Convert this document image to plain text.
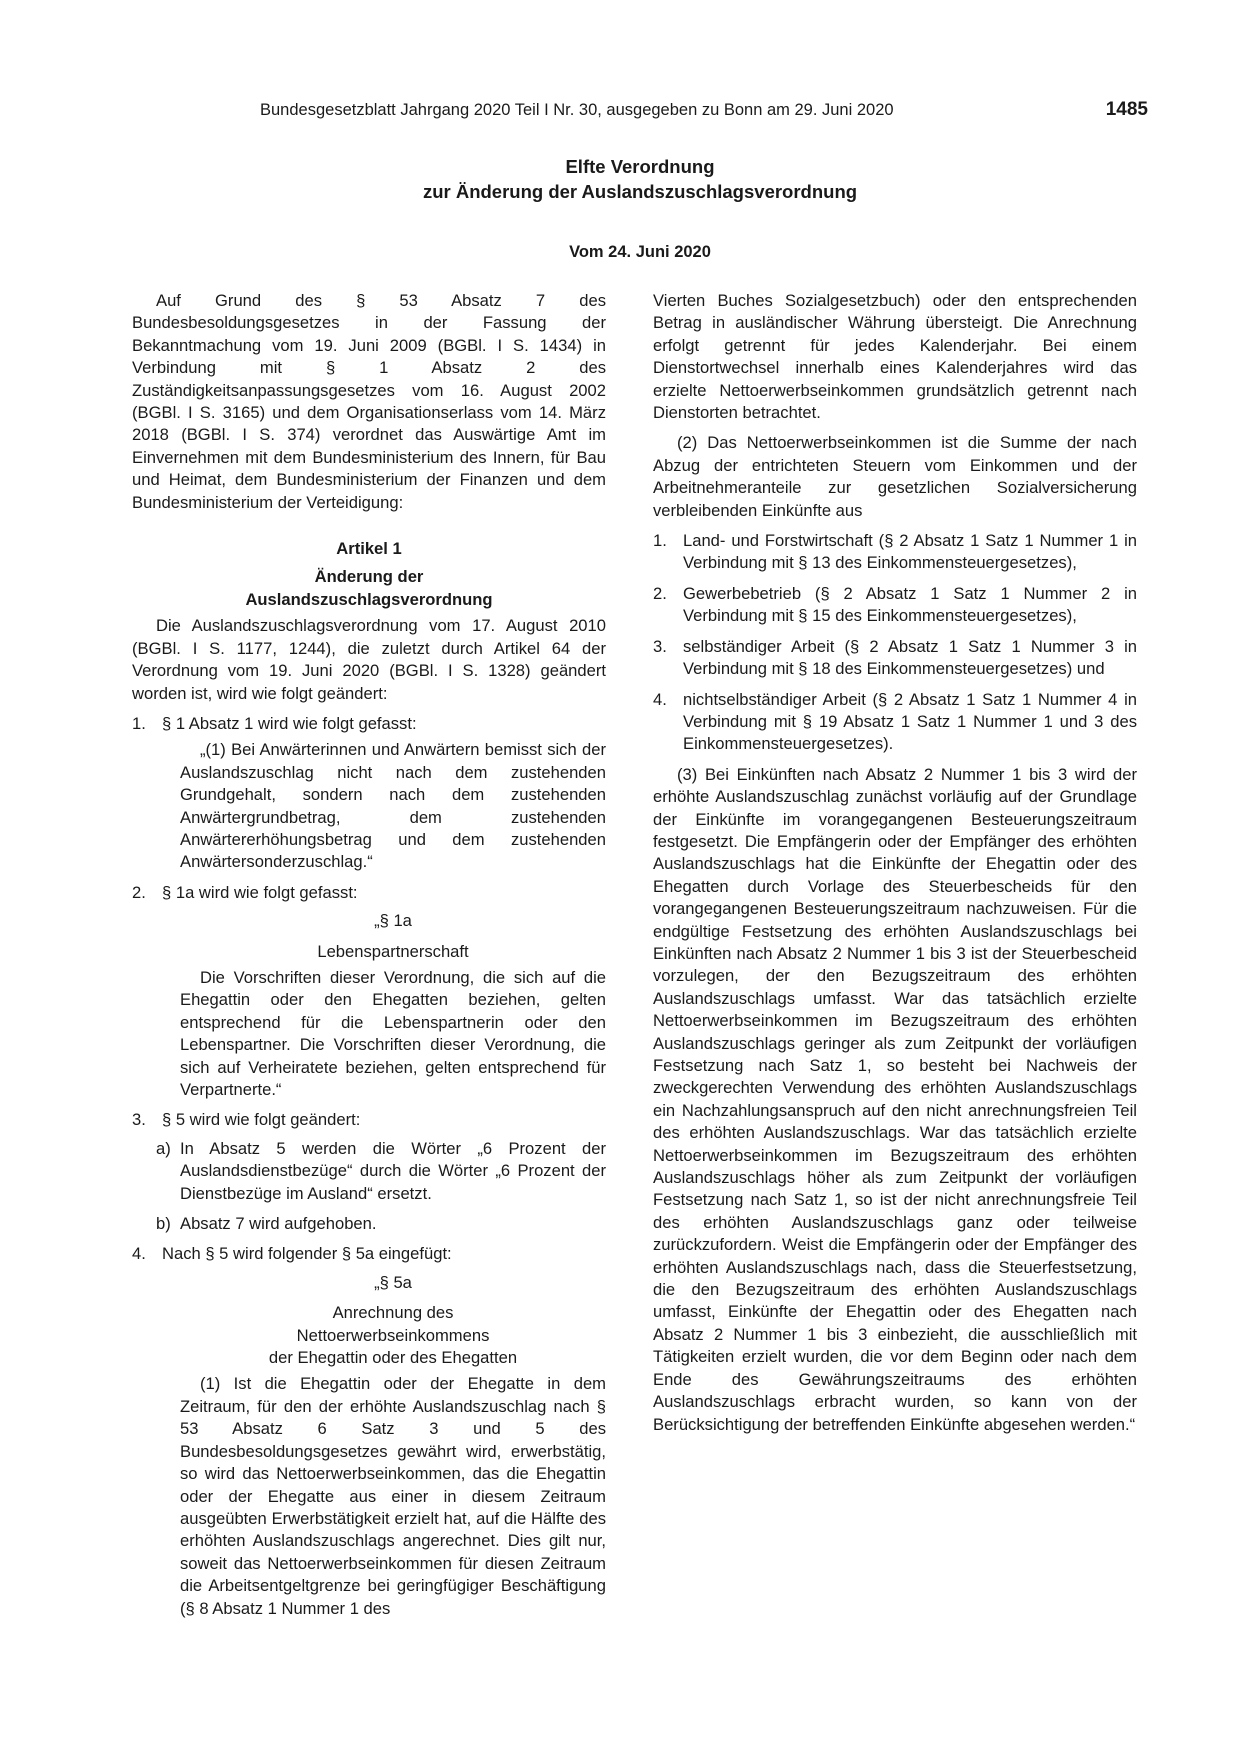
Bundesgesetzblatt Jahrgang 2020 Teil I Nr. 30, ausgegeben zu Bonn am 29. Juni 2020	1485
Elfte Verordnung
zur Änderung der Auslandszuschlagsverordnung
Vom 24. Juni 2020

Auf Grund des § 53 Absatz 7 des Bundesbesoldungsgesetzes in der Fassung der Bekanntmachung vom 19. Juni 2009 (BGBl. I S. 1434) in Verbindung mit § 1 Absatz 2 des Zuständigkeitsanpassungsgesetzes vom 16. August 2002 (BGBl. I S. 3165) und dem Organisationserlass vom 14. März 2018 (BGBl. I S. 374) verordnet das Auswärtige Amt im Einvernehmen mit dem Bundesministerium des Innern, für Bau und Heimat, dem Bundesministerium der Finanzen und dem Bundesministerium der Verteidigung:

Artikel 1
Änderung der
Auslandszuschlagsverordnung

Die Auslandszuschlagsverordnung vom 17. August 2010 (BGBl. I S. 1177, 1244), die zuletzt durch Artikel 64 der Verordnung vom 19. Juni 2020 (BGBl. I S. 1328) geändert worden ist, wird wie folgt geändert:

1. § 1 Absatz 1 wird wie folgt gefasst:

„(1) Bei Anwärterinnen und Anwärtern bemisst sich der Auslandszuschlag nicht nach dem zustehenden Grundgehalt, sondern nach dem zustehenden Anwärtergrundbetrag, dem zustehenden Anwärtererhöhungsbetrag und dem zustehenden Anwärtersonderzuschlag.“

2. § 1a wird wie folgt gefasst:
„§ 1a
Lebenspartnerschaft

Die Vorschriften dieser Verordnung, die sich auf die Ehegattin oder den Ehegatten beziehen, gelten entsprechend für die Lebenspartnerin oder den Lebenspartner. Die Vorschriften dieser Verordnung, die sich auf Verheiratete beziehen, gelten entsprechend für Verpartnerte.“

3. § 5 wird wie folgt geändert:
a) In Absatz 5 werden die Wörter „6 Prozent der Auslandsdienstbezüge“ durch die Wörter „6 Prozent der Dienstbezüge im Ausland“ ersetzt.
b) Absatz 7 wird aufgehoben.
4. Nach § 5 wird folgender § 5a eingefügt:
„§ 5a
Anrechnung des
Nettoerwerbseinkommens
der Ehegattin oder des Ehegatten

(1) Ist die Ehegattin oder der Ehegatte in dem Zeitraum, für den der erhöhte Auslandszuschlag nach § 53 Absatz 6 Satz 3 und 5 des Bundesbesoldungsgesetzes gewährt wird, erwerbstätig, so wird das Nettoerwerbseinkommen, das die Ehegattin oder der Ehegatte aus einer in diesem Zeitraum ausgeübten Erwerbstätigkeit erzielt hat, auf die Hälfte des erhöhten Auslandszuschlags angerechnet. Dies gilt nur, soweit das Nettoerwerbseinkommen für diesen Zeitraum die Arbeitsentgeltgrenze bei geringfügiger Beschäftigung (§ 8 Absatz 1 Nummer 1 des

Vierten Buches Sozialgesetzbuch) oder den entsprechenden Betrag in ausländischer Währung übersteigt. Die Anrechnung erfolgt getrennt für jedes Kalenderjahr. Bei einem Dienstortwechsel innerhalb eines Kalenderjahres wird das erzielte Nettoerwerbseinkommen grundsätzlich getrennt nach Dienstorten betrachtet.

(2) Das Nettoerwerbseinkommen ist die Summe der nach Abzug der entrichteten Steuern vom Einkommen und der Arbeitnehmeranteile zur gesetzlichen Sozialversicherung verbleibenden Einkünfte aus

1. Land- und Forstwirtschaft (§ 2 Absatz 1 Satz 1 Nummer 1 in Verbindung mit § 13 des Einkommensteuergesetzes),
2. Gewerbebetrieb (§ 2 Absatz 1 Satz 1 Nummer 2 in Verbindung mit § 15 des Einkommensteuergesetzes),
3. selbständiger Arbeit (§ 2 Absatz 1 Satz 1 Nummer 3 in Verbindung mit § 18 des Einkommensteuergesetzes) und
4. nichtselbständiger Arbeit (§ 2 Absatz 1 Satz 1 Nummer 4 in Verbindung mit § 19 Absatz 1 Satz 1 Nummer 1 und 3 des Einkommensteuergesetzes).

(3) Bei Einkünften nach Absatz 2 Nummer 1 bis 3 wird der erhöhte Auslandszuschlag zunächst vorläufig auf der Grundlage der Einkünfte im vorangegangenen Besteuerungszeitraum festgesetzt. Die Empfängerin oder der Empfänger des erhöhten Auslandszuschlags hat die Einkünfte der Ehegattin oder des Ehegatten durch Vorlage des Steuerbescheids für den vorangegangenen Besteuerungszeitraum nachzuweisen. Für die endgültige Festsetzung des erhöhten Auslandszuschlags bei Einkünften nach Absatz 2 Nummer 1 bis 3 ist der Steuerbescheid vorzulegen, der den Bezugszeitraum des erhöhten Auslandszuschlags umfasst. War das tatsächlich erzielte Nettoerwerbseinkommen im Bezugszeitraum des erhöhten Auslandszuschlags geringer als zum Zeitpunkt der vorläufigen Festsetzung nach Satz 1, so besteht bei Nachweis der zweckgerechten Verwendung des erhöhten Auslandszuschlags ein Nachzahlungsanspruch auf den nicht anrechnungsfreien Teil des erhöhten Auslandszuschlags. War das tatsächlich erzielte Nettoerwerbseinkommen im Bezugszeitraum des erhöhten Auslandszuschlags höher als zum Zeitpunkt der vorläufigen Festsetzung nach Satz 1, so ist der nicht anrechnungsfreie Teil des erhöhten Auslandszuschlags ganz oder teilweise zurückzufordern. Weist die Empfängerin oder der Empfänger des erhöhten Auslandszuschlags nach, dass die Steuerfestsetzung, die den Bezugszeitraum des erhöhten Auslandszuschlags umfasst, Einkünfte der Ehegattin oder des Ehegatten nach Absatz 2 Nummer 1 bis 3 einbezieht, die ausschließlich mit Tätigkeiten erzielt wurden, die vor dem Beginn oder nach dem Ende des Gewährungszeitraums des erhöhten Auslandszuschlags erbracht wurden, so kann von der Berücksichtigung der betreffenden Einkünfte abgesehen werden.“
